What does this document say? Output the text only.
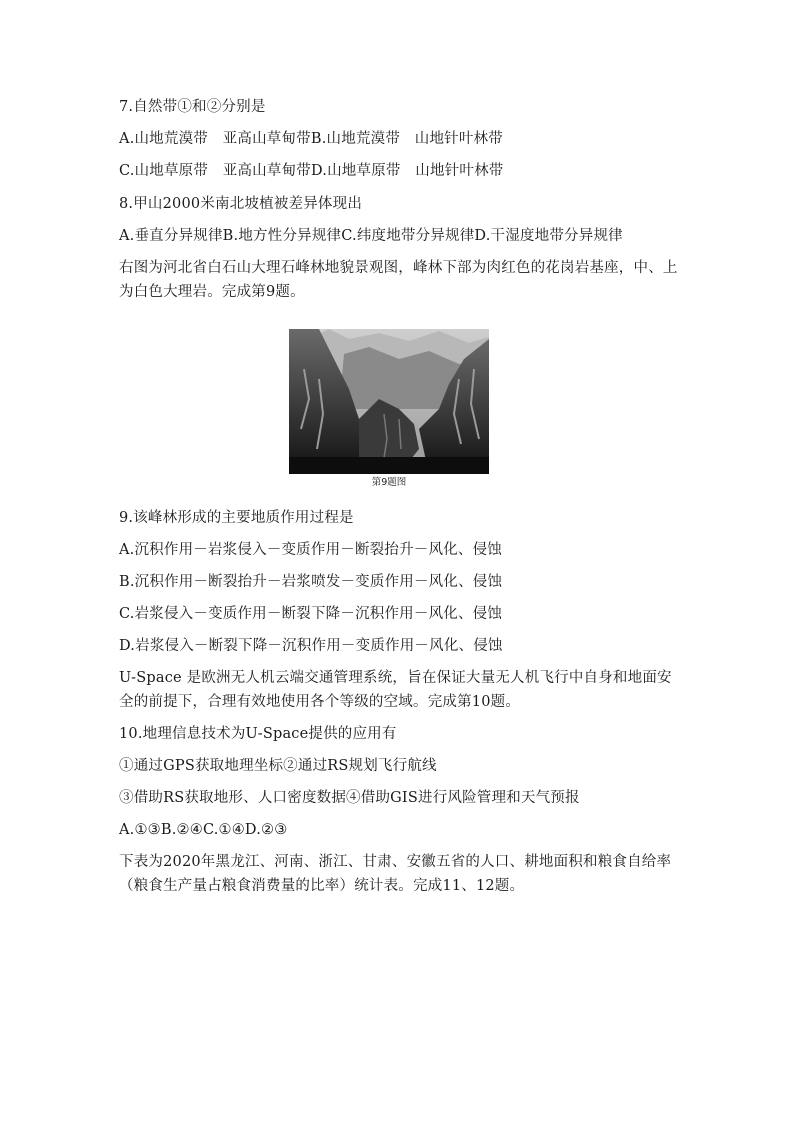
7.自然带①和②分别是
A.山地荒漠带　亚高山草甸带B.山地荒漠带　山地针叶林带
C.山地草原带　亚高山草甸带D.山地草原带　山地针叶林带
8.甲山2000米南北坡植被差异体现出
A.垂直分异规律B.地方性分异规律C.纬度地带分异规律D.干湿度地带分异规律
右图为河北省白石山大理石峰林地貌景观图，峰林下部为肉红色的花岗岩基座，中、上为白色大理岩。完成第9题。
第9题图
9.该峰林形成的主要地质作用过程是
A.沉积作用－岩浆侵入－变质作用－断裂抬升－风化、侵蚀
B.沉积作用－断裂抬升－岩浆喷发－变质作用－风化、侵蚀
C.岩浆侵入－变质作用－断裂下降－沉积作用－风化、侵蚀
D.岩浆侵入－断裂下降－沉积作用－变质作用－风化、侵蚀
U-Space 是欧洲无人机云端交通管理系统，旨在保证大量无人机飞行中自身和地面安全的前提下，合理有效地使用各个等级的空域。完成第10题。
10.地理信息技术为U-Space提供的应用有
①通过GPS获取地理坐标②通过RS规划飞行航线
③借助RS获取地形、人口密度数据④借助GIS进行风险管理和天气预报
A.①③B.②④C.①④D.②③
下表为2020年黑龙江、河南、浙江、甘肃、安徽五省的人口、耕地面积和粮食自给率（粮食生产量占粮食消费量的比率）统计表。完成11、12题。
